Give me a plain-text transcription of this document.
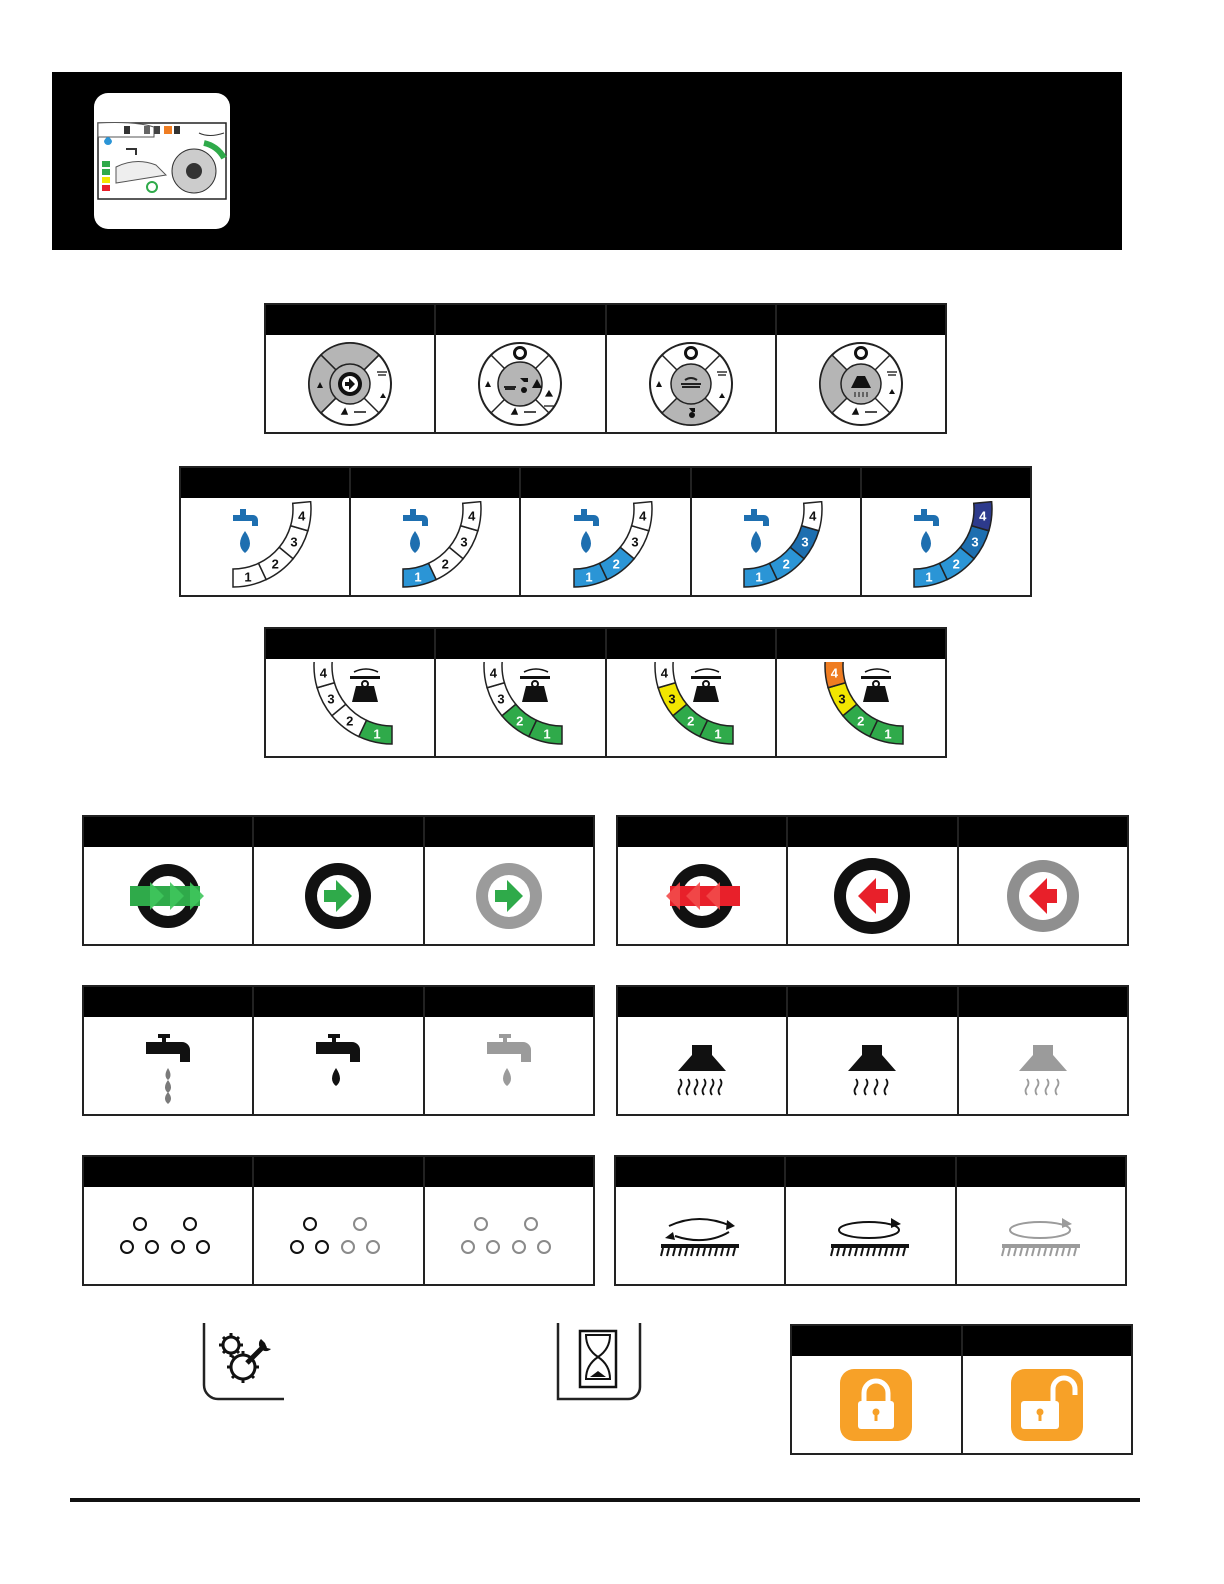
1
2
3
4
1
2
3
4
1
2
3
4
1
2
3
4
1
2
3
4
1
2
3
4
1
2
3
4
1
2
3
4
1
2
3
4
